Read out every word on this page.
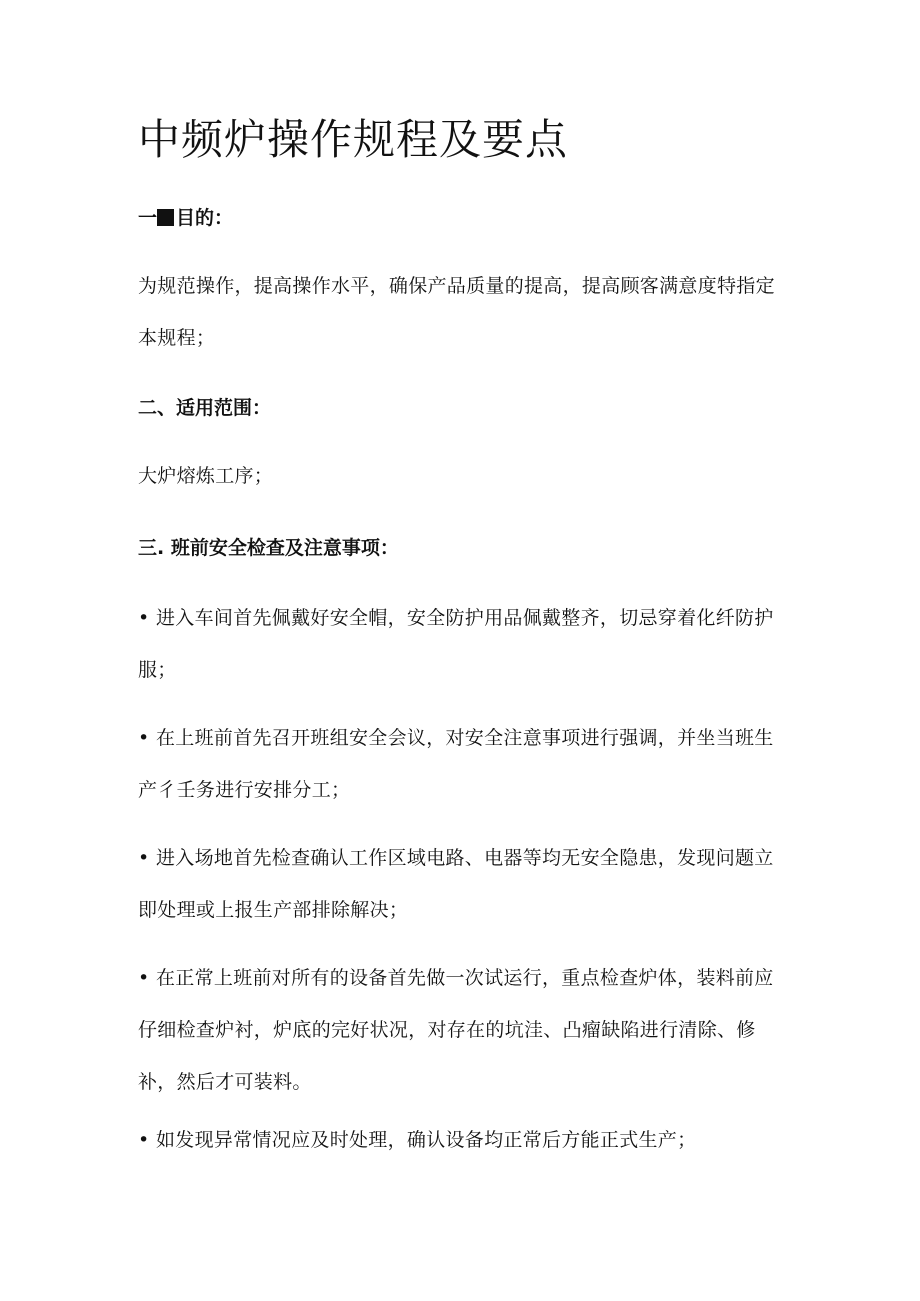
中频炉操作规程及要点
一 目的：
为规范操作，提高操作水平，确保产品质量的提高，提高顾客满意度特指定本规程；
二、适用范围：
大炉熔炼工序；
三. 班前安全检查及注意事项：
• 进入车间首先佩戴好安全帽，安全防护用品佩戴整齐，切忌穿着化纤防护服；
• 在上班前首先召开班组安全会议，对安全注意事项进行强调，并坐当班生产彳壬务进行安排分工；
• 进入场地首先检查确认工作区域电路、电器等均无安全隐患，发现问题立即处理或上报生产部排除解决；
• 在正常上班前对所有的设备首先做一次试运行，重点检查炉体，装料前应仔细检查炉衬，炉底的完好状况，对存在的坑洼、凸瘤缺陷进行清除、修补，然后才可装料。
• 如发现异常情况应及时处理，确认设备均正常后方能正式生产；
